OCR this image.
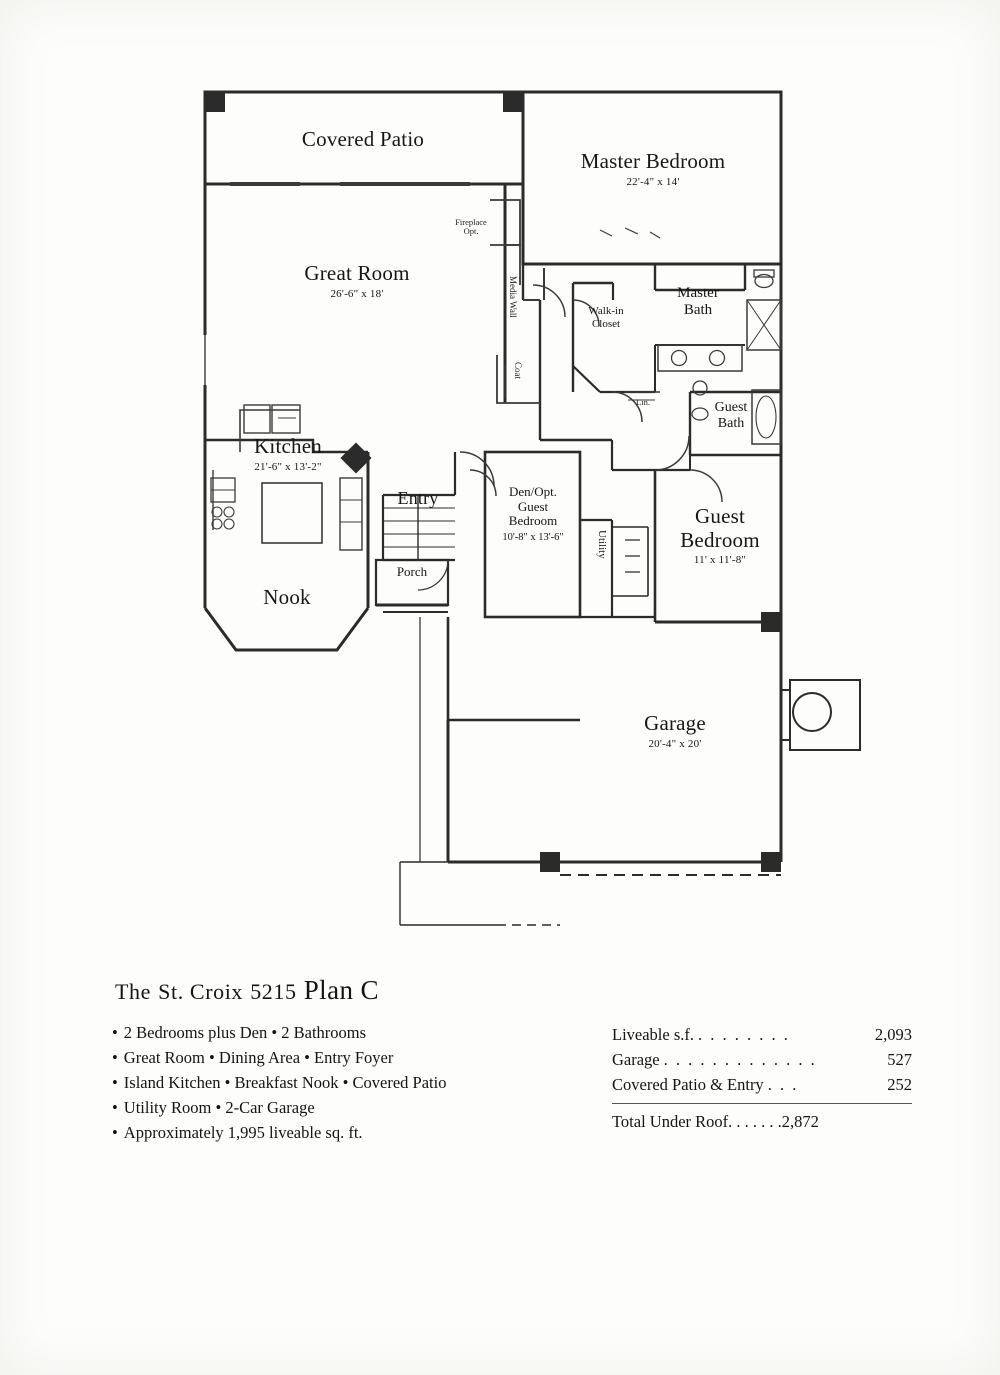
Covered Patio
Master Bedroom
22'-4" x 14'
Great Room
26'-6" x 18'
Kitchen
21'-6" x 13'-2"
Nook
Garage
20'-4" x 20'
Guest
Bedroom
11' x 11'-8"
Master
Bath
Guest
Bath
Walk-in
Closet
Den/Opt.
Guest
Bedroom
10'-8" x 13'-6"
Entry
Porch
Utility
Media Wall
Coat
Fireplace
Opt.
Lin.
The St. Croix 5215 Plan C
• 2 Bedrooms plus Den • 2 Bathrooms
• Great Room • Dining Area • Entry Foyer
• Island Kitchen • Breakfast Nook • Covered Patio
• Utility Room • 2-Car Garage
• Approximately 1,995 liveable sq. ft.
Liveable s.f. . . . . . . . .	2,093
Garage . . . . . . . . . . . . .	527
Covered Patio & Entry . . .	252
Total Under Roof . . . . . . . 2,872
